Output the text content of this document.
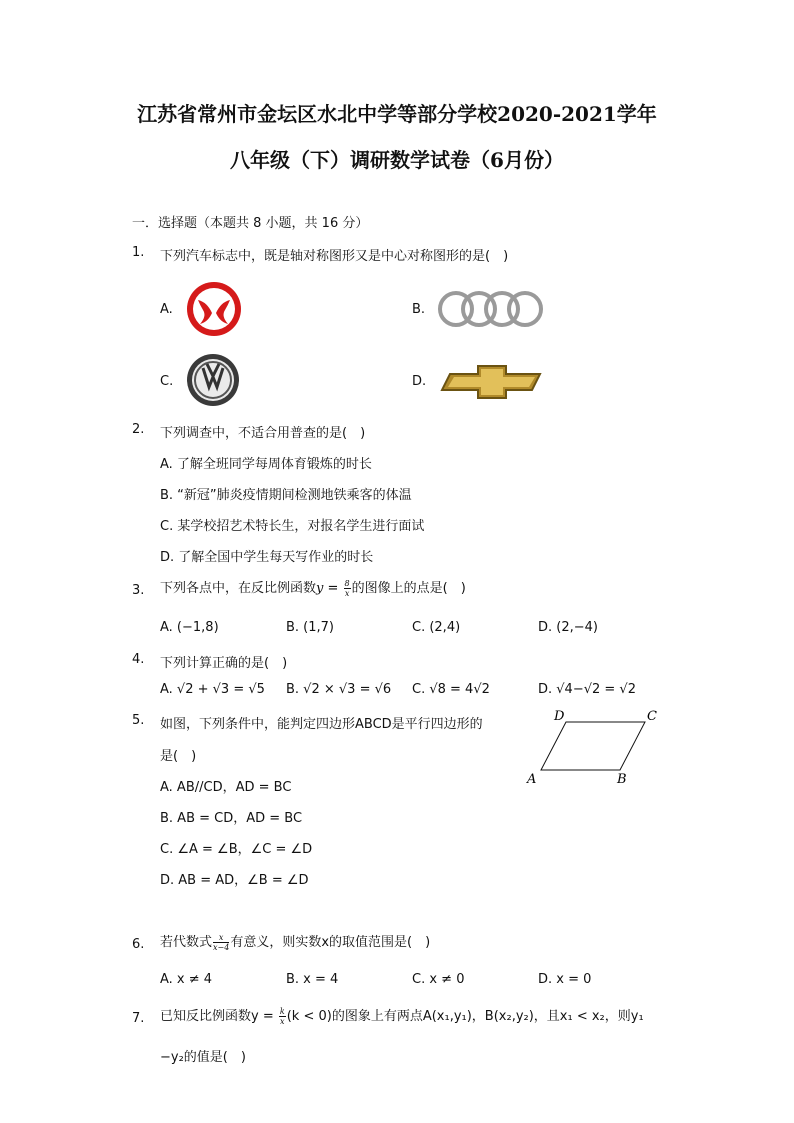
江苏省常州市金坛区水北中学等部分学校2020-2021学年
八年级（下）调研数学试卷（6月份）
一．选择题（本题共 8 小题，共 16 分）
1. 下列汽车标志中，既是轴对称图形又是中心对称图形的是(　)
A.	B.
C.	D.
2. 下列调查中，不适合用普查的是(　)
A. 了解全班同学每周体育锻炼的时长
B. “新冠”肺炎疫情期间检测地铁乘客的体温
C. 某学校招艺术特长生，对报名学生进行面试
D. 了解全国中学生每天写作业的时长
3. 下列各点中，在反比例函数$y = \frac{8}{x}$ 的图像上的点是(　)
A. (−1,8)	B. (1,7)	C. (2,4)	D. (2,−4)
4. 下列计算正确的是(　)
A. √2 + √3 = √5 B. √2 × √3 = √6 C. √8 = 4√2	D. √4−√2 = √2
5. 如图，下列条件中，能判定四边形ABCD是平行四边形的
是(　)
A. AB//CD，AD = BC
B. AB = CD，AD = BC
C. ∠A = ∠B，∠C = ∠D
D. AB = AD，∠B = ∠D
D	C
A	B
6. 若代数式 $\frac{x}{x-4}$ 有意义，则实数x的取值范围是(　)
A. x ≠ 4	B. x = 4	C. x ≠ 0	D. x = 0
7. 已知反比例函数$y = \frac{k}{x} (k < 0)$的图象上有两点A(x₁,y₁)，B(x₂,y₂)，且x₁ < x₂，则y₁
−y₂的值是(　)
